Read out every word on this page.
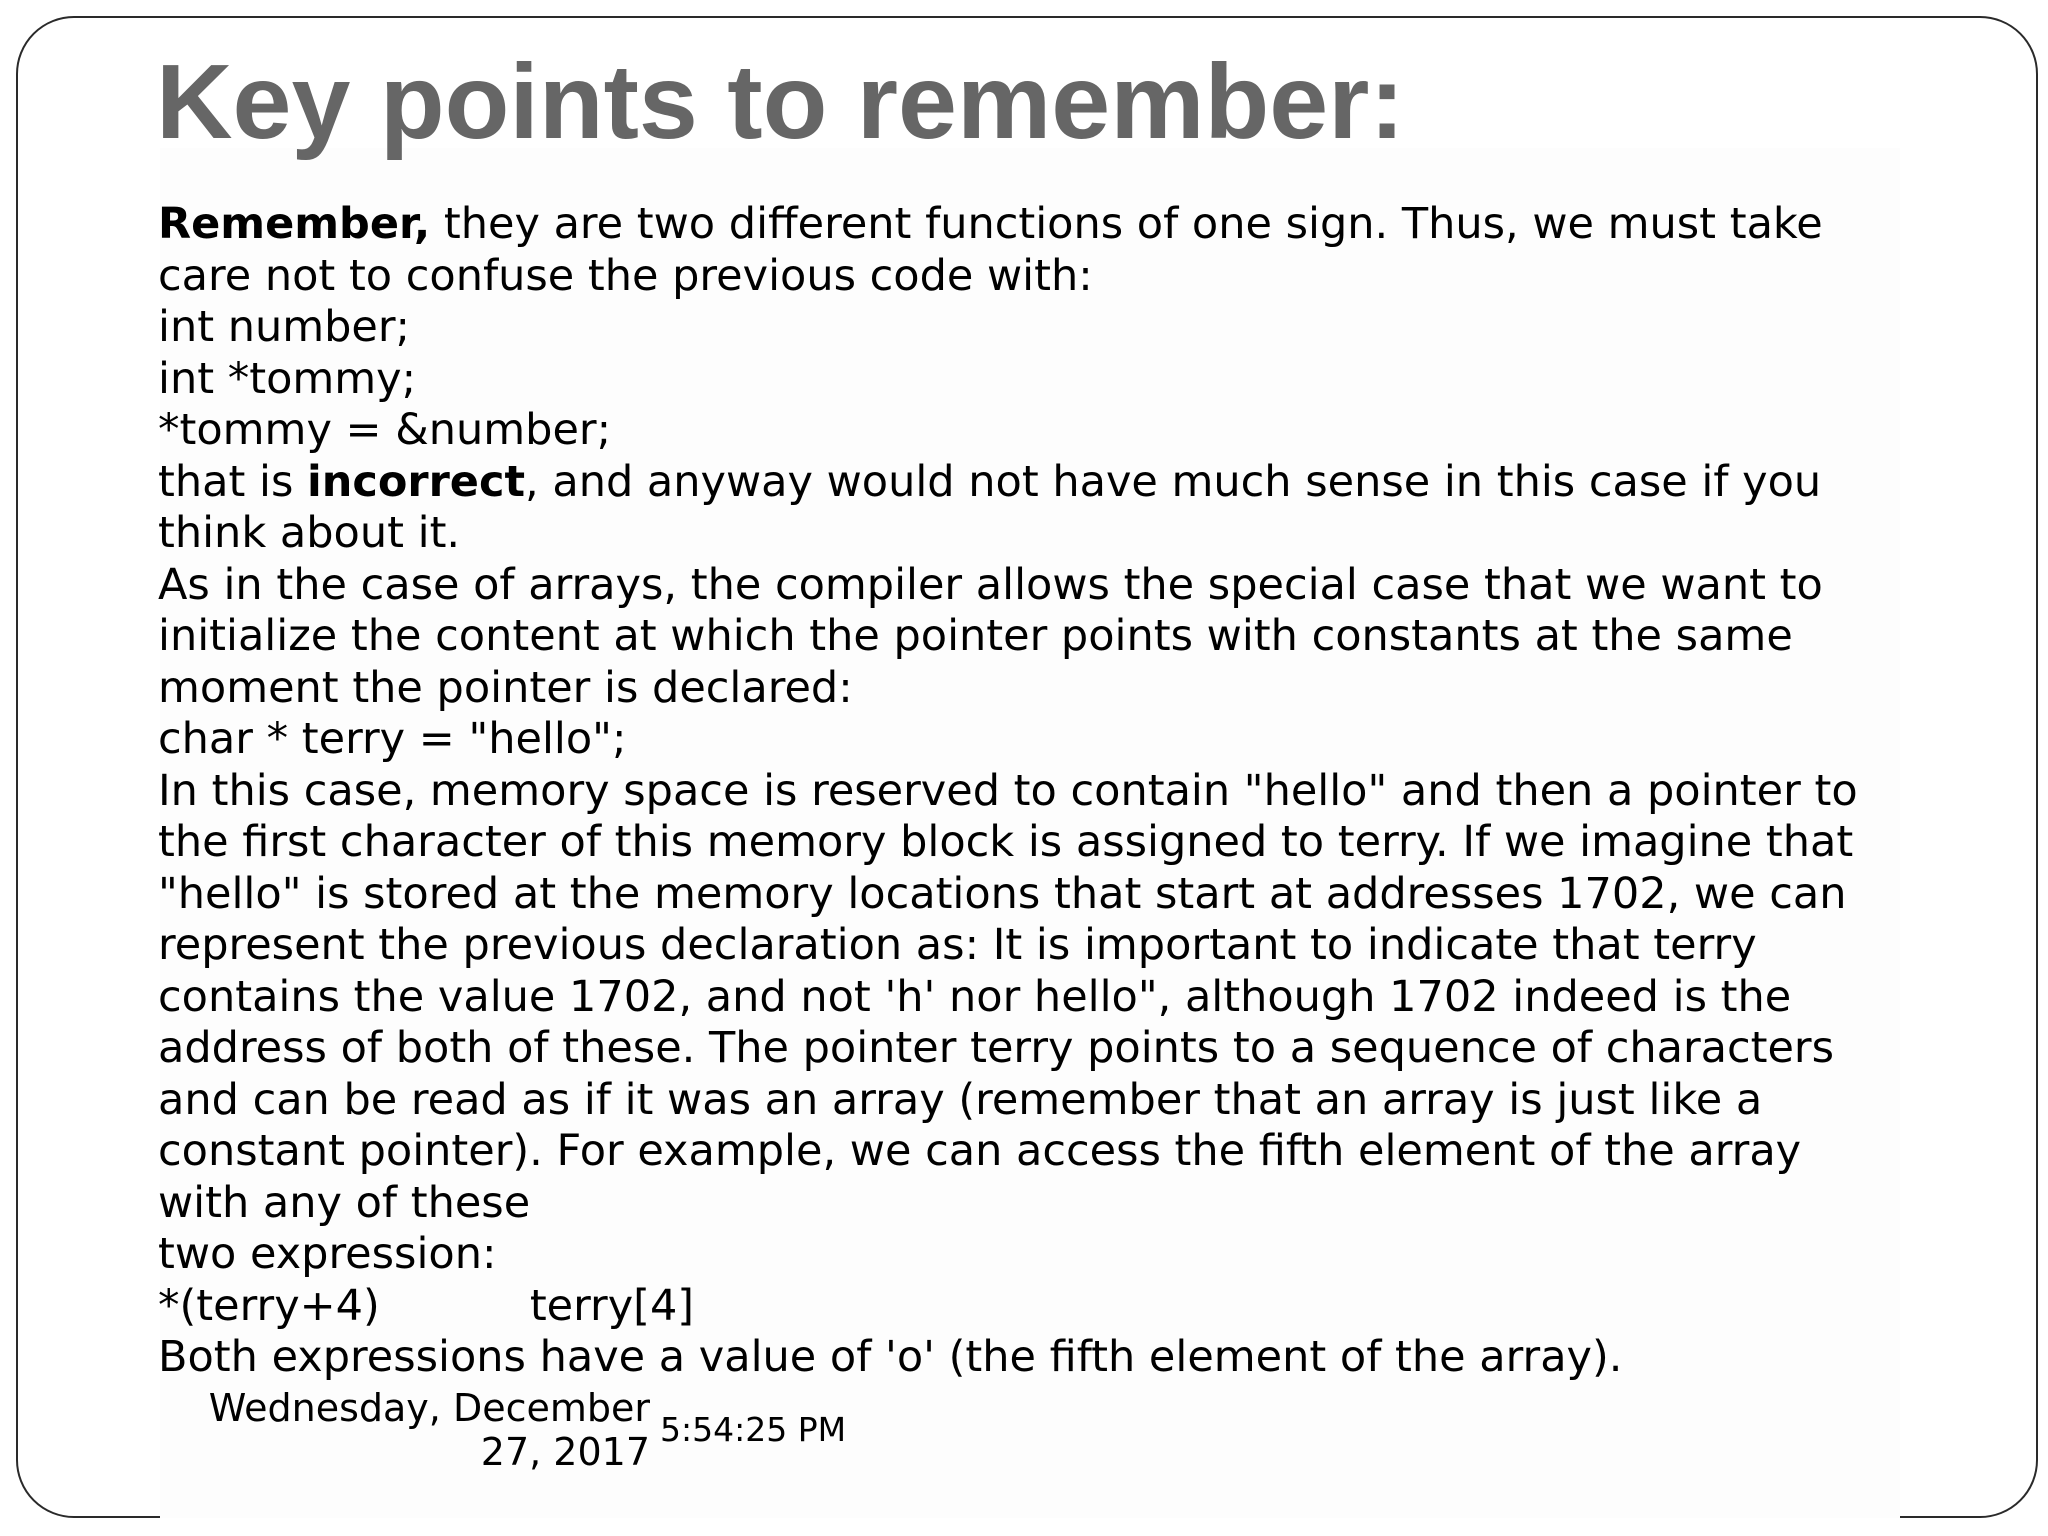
Key points to remember:
Remember, they are two different functions of one sign. Thus, we must take
care not to confuse the previous code with:
int number;
int *tommy;
*tommy = &number;
that is incorrect, and anyway would not have much sense in this case if you
think about it.
As in the case of arrays, the compiler allows the special case that we want to
initialize the content at which the pointer points with constants at the same
moment the pointer is declared:
char * terry = "hello";
In this case, memory space is reserved to contain "hello" and then a pointer to
the first character of this memory block is assigned to terry. If we imagine that
"hello" is stored at the memory locations that start at addresses 1702, we can
represent the previous declaration as: It is important to indicate that terry
contains the value 1702, and not 'h' nor hello", although 1702 indeed is the
address of both of these. The pointer terry points to a sequence of characters
and can be read as if it was an array (remember that an array is just like a
constant pointer). For example, we can access the fifth element of the array
with any of these
two expression:
*(terry+4)	terry[4]
Both expressions have a value of 'o' (the fifth element of the array).
Wednesday, December
27, 2017
5:54:25 PM
